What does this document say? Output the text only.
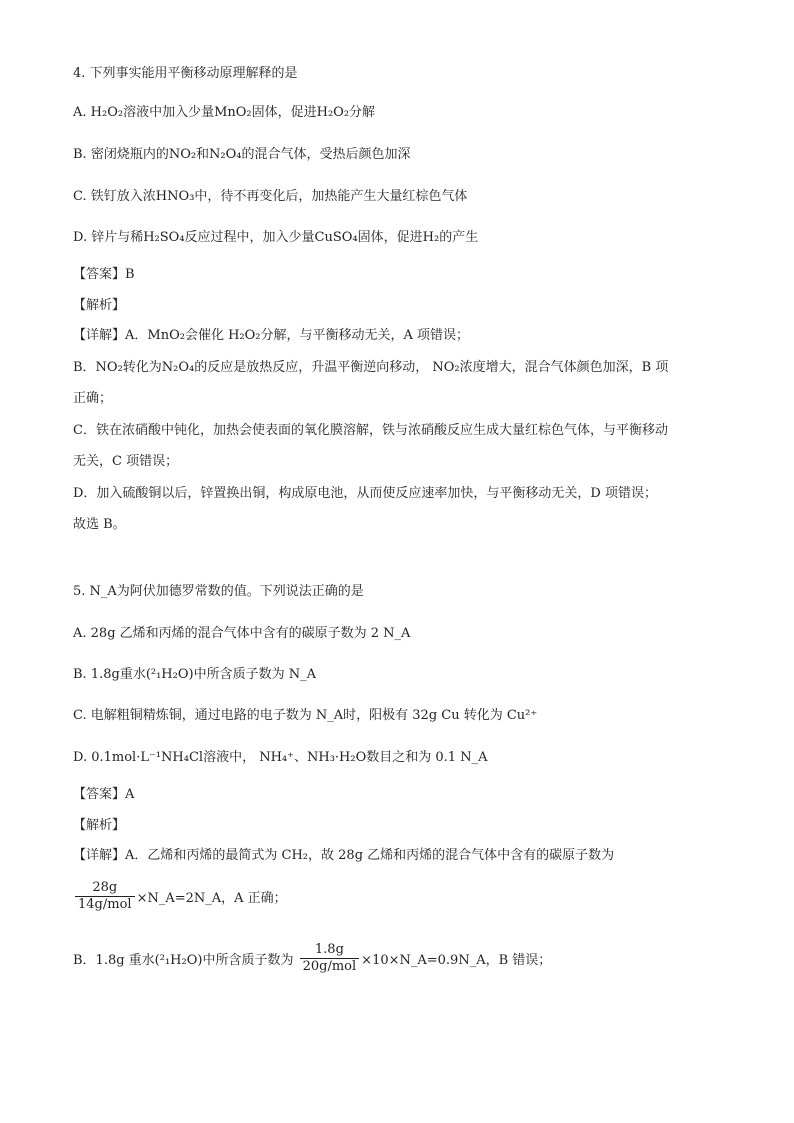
4. 下列事实能用平衡移动原理解释的是
A. H₂O₂溶液中加入少量MnO₂固体，促进H₂O₂分解
B. 密闭烧瓶内的NO₂和N₂O₄的混合气体，受热后颜色加深
C. 铁钉放入浓HNO₃中，待不再变化后，加热能产生大量红棕色气体
D. 锌片与稀H₂SO₄反应过程中，加入少量CuSO₄固体，促进H₂的产生
【答案】B
【解析】
【详解】A．MnO₂会催化 H₂O₂分解，与平衡移动无关，A 项错误；
B．NO₂转化为N₂O₄的反应是放热反应，升温平衡逆向移动， NO₂浓度增大，混合气体颜色加深，B 项
正确；
C．铁在浓硝酸中钝化，加热会使表面的氧化膜溶解，铁与浓硝酸反应生成大量红棕色气体，与平衡移动
无关，C 项错误；
D．加入硫酸铜以后，锌置换出铜，构成原电池，从而使反应速率加快，与平衡移动无关，D 项错误；
故选 B。
5. N_A为阿伏加德罗常数的值。下列说法正确的是
A. 28g 乙烯和丙烯的混合气体中含有的碳原子数为 2 N_A
B. 1.8g重水(²₁H₂O)中所含质子数为 N_A
C. 电解粗铜精炼铜，通过电路的电子数为 N_A时，阳极有 32g Cu 转化为 Cu²⁺
D. 0.1mol·L⁻¹NH₄Cl溶液中， NH₄⁺、NH₃·H₂O数目之和为 0.1 N_A
【答案】A
【解析】
【详解】A．乙烯和丙烯的最简式为 CH₂，故 28g 乙烯和丙烯的混合气体中含有的碳原子数为
$\frac{28g}{\text{14g/mol}}$ ×N_A=2N_A，A 正确；
B．1.8g 重水(²₁H₂O)中所含质子数为 $\frac{1.8g}{\text{20g/mol}}$ ×10×N_A=0.9N_A，B 错误；
